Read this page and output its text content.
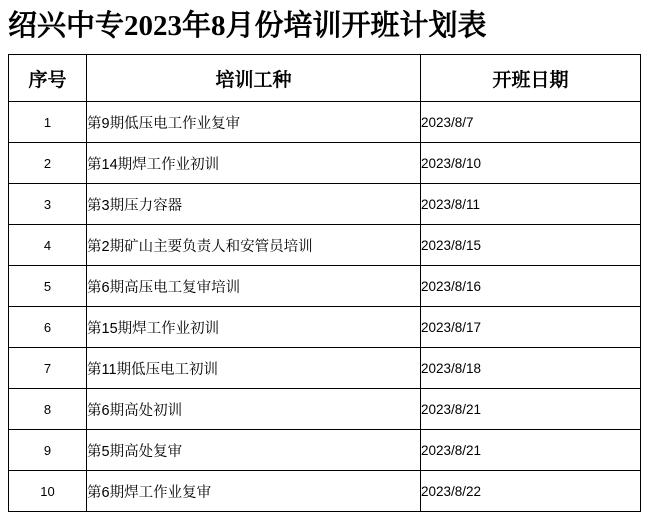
绍兴中专2023年8月份培训开班计划表
序号	培训工种	开班日期
1	第9期低压电工作业复审	2023/8/7
2	第14期焊工作业初训	2023/8/10
3	第3期压力容器	2023/8/11
4	第2期矿山主要负责人和安管员培训	2023/8/15
5	第6期高压电工复审培训	2023/8/16
6	第15期焊工作业初训	2023/8/17
7	第11期低压电工初训	2023/8/18
8	第6期高处初训	2023/8/21
9	第5期高处复审	2023/8/21
10	第6期焊工作业复审	2023/8/22
